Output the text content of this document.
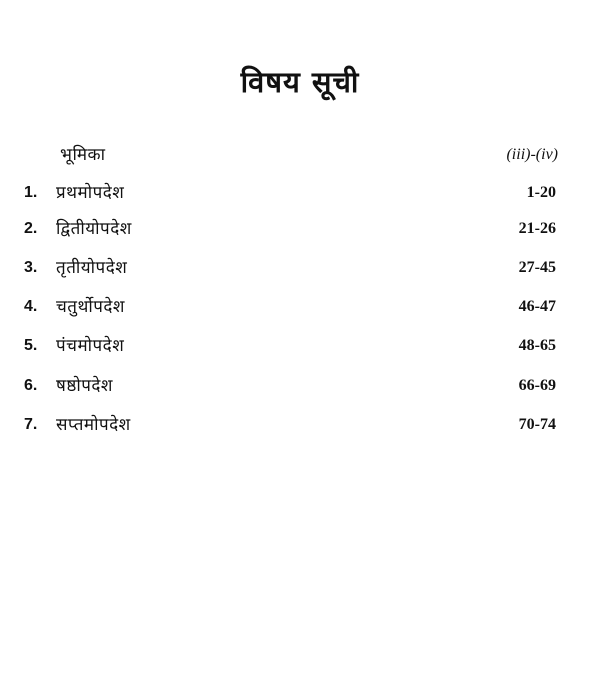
विषय सूची
भूमिका	(iii)-(iv)
1. प्रथमोपदेश	1-20
2. द्वितीयोपदेश	21-26
3. तृतीयोपदेश	27-45
4. चतुर्थोपदेश	46-47
5. पंचमोपदेश	48-65
6. षष्ठोपदेश	66-69
7. सप्तमोपदेश	70-74
